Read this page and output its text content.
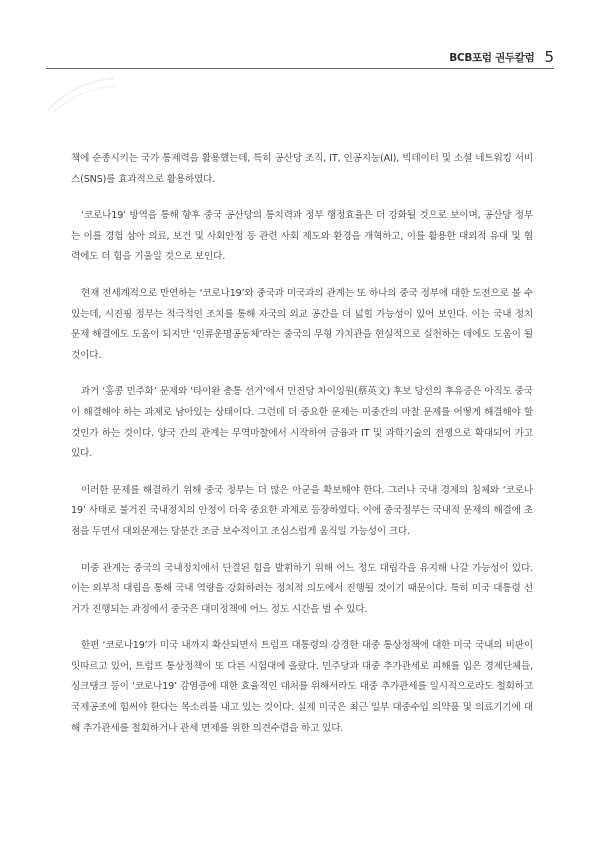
BCB포럼 권두칼럼 5

책에 순종시키는 국가 통제력을 활용했는데, 특히 공산당 조직, IT, 인공지능(AI), 빅데이터 및 소셜 네트워킹 서비스(SNS)를 효과적으로 활용하였다.

‘코로나19’ 방역을 통해 향후 중국 공산당의 통치력과 정부 행정효율은 더 강화될 것으로 보이며, 공산당 정부는 이를 경험 삼아 의료, 보건 및 사회안정 등 관련 사회 제도와 환경을 개혁하고, 이를 활용한 대외적 유대 및 협력에도 더 힘을 기울일 것으로 보인다.

현재 전세계적으로 만연하는 ‘코로나19’와 중국과 미국과의 관계는 또 하나의 중국 정부에 대한 도전으로 볼 수 있는데, 시진핑 정부는 적극적인 조치를 통해 자국의 외교 공간을 더 넓힐 가능성이 있어 보인다. 이는 국내 정치문제 해결에도 도움이 되지만 ‘인류운명공동체’라는 중국의 무형 가치관을 현실적으로 실천하는 데에도 도움이 될 것이다.

과거 ‘홍콩 민주화’ 문제와 ‘타이완 총통 선거’에서 민진당 차이잉원(蔡英文) 후보 당선의 후유증은 아직도 중국이 해결해야 하는 과제로 남아있는 상태이다. 그런데 더 중요한 문제는 미중간의 마찰 문제를 어떻게 해결해야 할 것인가 하는 것이다. 양국 간의 관계는 무역마찰에서 시작하여 금융과 IT 및 과학기술의 전쟁으로 확대되어 가고 있다.

이러한 문제를 해결하기 위해 중국 정부는 더 많은 아군을 확보해야 한다. 그러나 국내 경제의 침체와 ‘코로나19’ 사태로 불거진 국내정치의 안정이 더욱 중요한 과제로 등장하였다. 이에 중국정부는 국내적 문제의 해결에 초점을 두면서 대외문제는 당분간 조금 보수적이고 조심스럽게 움직일 가능성이 크다.

미중 관계는 중국의 국내정치에서 단결된 힘을 발휘하기 위해 어느 정도 대립각을 유지해 나갈 가능성이 있다. 이는 외부적 대립을 통해 국내 역량을 강화하려는 정치적 의도에서 진행될 것이기 때문이다. 특히 미국 대통령 선거가 진행되는 과정에서 중국은 대미정책에 어느 정도 시간을 벌 수 있다.

한편 ‘코로나19’가 미국 내까지 확산되면서 트럼프 대통령의 강경한 대중 통상정책에 대한 미국 국내의 비판이 잇따르고 있어, 트럼프 통상정책이 또 다른 시험대에 올랐다. 민주당과 대중 추가관세로 피해를 입은 경제단체들, 싱크탱크 등이 ‘코로나19’ 감염증에 대한 효율적인 대처를 위해서라도 대중 추가관세를 일시적으로라도 철회하고 국제공조에 힘써야 한다는 목소리를 내고 있는 것이다. 실제 미국은 최근 일부 대중수입 의약품 및 의료기기에 대해 추가관세를 철회하거나 관세 면제를 위한 의견수렴을 하고 있다.
